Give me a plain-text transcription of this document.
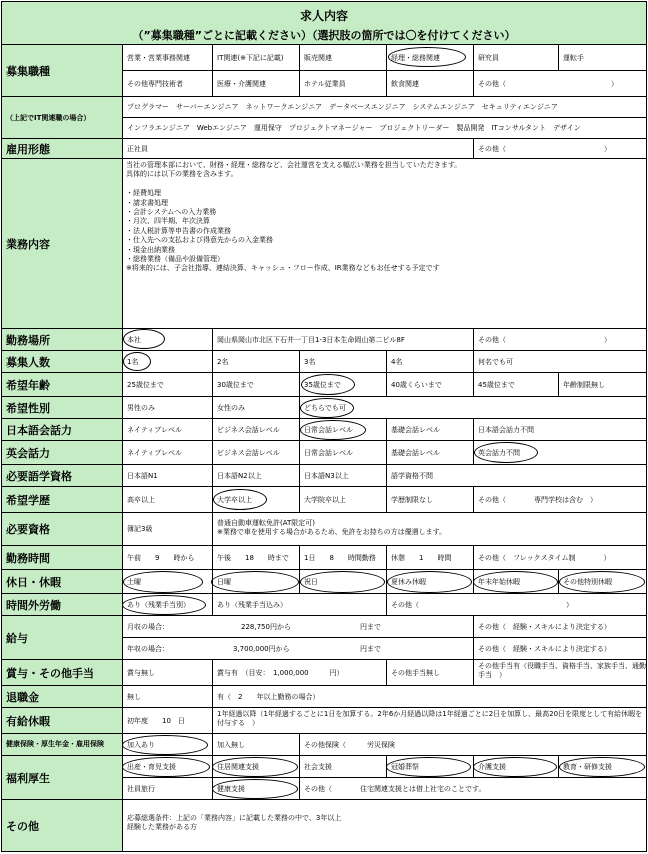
求人内容
（”募集職種”ごとに記載ください）（選択肢の箇所では〇を付けてください）
募集職種
営業・営業事務関連	IT関連(※下記に記載)	販売関連	経理・総務関連	研究員	運転手
その他専門技術者	医療・介護関連	ホテル従業員	飲食関連	その他（　　　　　　　　　　　　　　　）
（上記でIT関連職の場合）
プログラマー　サーバーエンジニア　ネットワークエンジニア　データベースエンジニア　システムエンジニア　セキュリティエンジニア
インフラエンジニア　Webエンジニア　運用保守　プロジェクトマネージャー　プロジェクトリーダー　製品開発　ITコンサルタント　デザイン
雇用形態	正社員	その他（　　　　　　　　　　　　　　）
業務内容
当社の管理本部において、財務・経理・総務など、会社運営を支える幅広い業務を担当していただきます。
具体的には以下の業務を含みます。

・経費処理
・請求書処理
・会計システムへの入力業務
・月次、四半期、年次決算
・法人税計算等申告書の作成業務
・仕入先への支払および得意先からの入金業務
・現金出納業務
・総務業務（備品や設備管理）
※将来的には、子会社指導、連結決算、キャッシュ・フロー作成、IR業務などもお任せする予定です
勤務場所	本社	岡山県岡山市北区下石井一丁目1-3日本生命岡山第二ビル8F	その他（　　　　　　　　　　　　　　）
募集人数	1名	2名	3名	4名	何名でも可
希望年齢	25歳位まで	30歳位まで	35歳位まで	40歳くらいまで	45歳位まで	年齢制限無し
希望性別	男性のみ	女性のみ	どちらでも可
日本語会話力	ネイティブレベル	ビジネス会話レベル	日常会話レベル	基礎会話レベル	日本語会話力不問
英会話力	ネイティブレベル	ビジネス会話レベル	日常会話レベル	基礎会話レベル	英会話力不問
必要語学資格	日本語N1	日本語N2以上	日本語N3以上	語学資格不問
希望学歴	高卒以上	大学卒以上	大学院卒以上	学歴制限なし	その他（　　　　専門学校は含む　）
必要資格	簿記3級
普通自動車運転免許(AT限定可)
※業務で車を使用する場合があるため、免許をお持ちの方は優遇します。
勤務時間	午前　　9　　時から	午後　　18　　時まで	1日　　8　　時間勤務	休憩　　1　　時間	その他（　フレックスタイム制　　　　）
休日・休暇	土曜	日曜	祝日	夏休み休暇	年末年始休暇	その他特別休暇
時間外労働	あり（残業手当別）	あり（残業手当込み）	その他（　　　　　　　　　　　　　　　　　　　　　）
給与
月収の場合：	228,750円から	円まで	その他（　経験・スキルにより決定する）
年収の場合：	3,700,000円から	円まで	その他（　経験・スキルにより決定する）
賞与・その他手当	賞与無し	賞与有　（目安：　1,000,000　　　円）	その他手当無し
その他手当有（役職手当、資格手当、家族手当、通勤手当　）
退職金	無し	有（　2　　年以上勤務の場合）
有給休暇	初年度　　10　日
1年経過以降（1年経過するごとに1日を加算する。2年6か月経過以降は1年経過ごとに2日を加算し、最高20日を限度として有給休暇を付与する　）
健康保険・厚生年金・雇用保険	加入あり	加入無し	その他保険（　　　労災保険
福利厚生
出産・育児支援	住居関連支援	社会支援	冠婚葬祭	介護支援	教育・研修支援
社員旅行	健康支援	その他（　　　　住宅関連支援とは借上社宅のことです。
その他
応募総選条件：上記の「業務内容」に記載した業務の中で、3年以上
経験した業務がある方
